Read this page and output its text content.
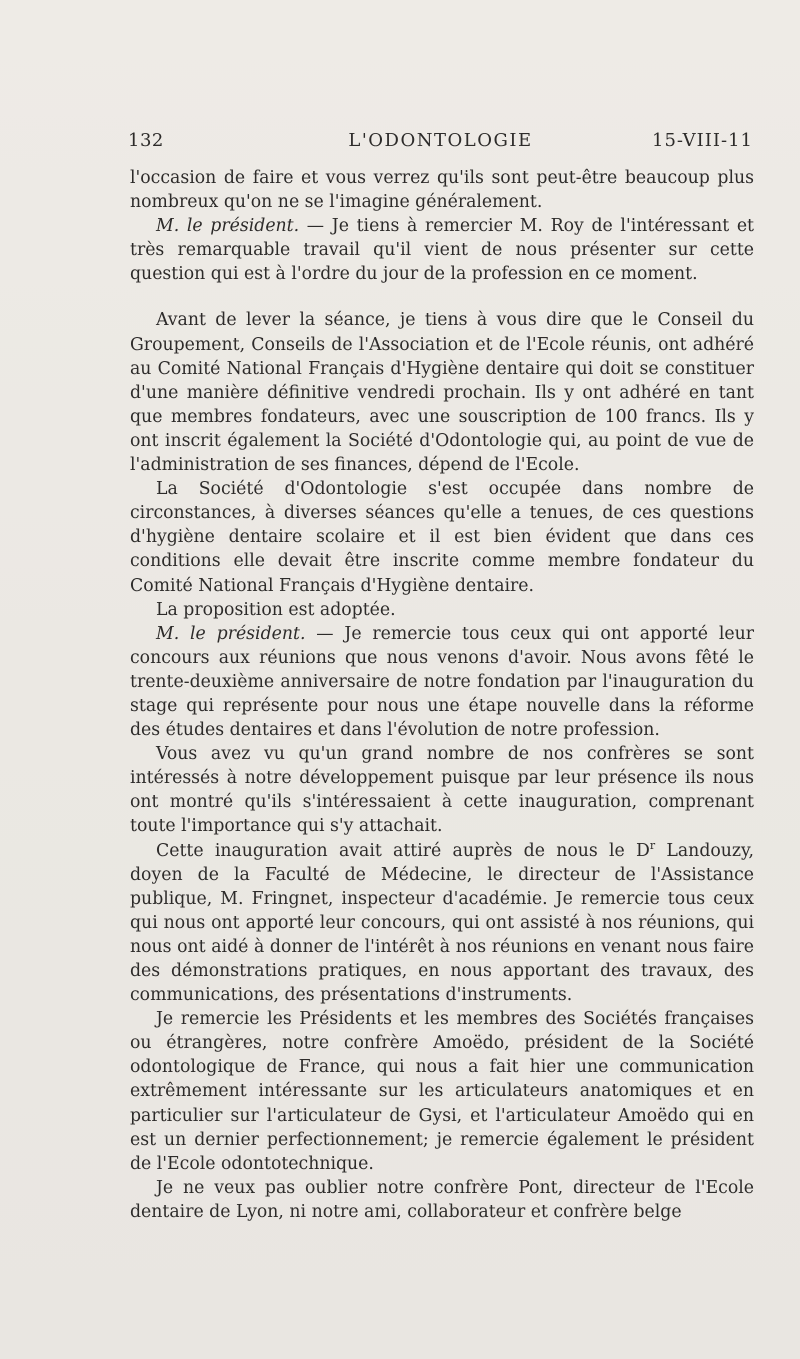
132	L'ODONTOLOGIE	15-VIII-11

l'occasion de faire et vous verrez qu'ils sont peut-être beaucoup plus nombreux qu'on ne se l'imagine généralement.

M. le président. — Je tiens à remercier M. Roy de l'intéressant et très remarquable travail qu'il vient de nous présenter sur cette question qui est à l'ordre du jour de la profession en ce moment.

Avant de lever la séance, je tiens à vous dire que le Conseil du Groupement, Conseils de l'Association et de l'Ecole réunis, ont adhéré au Comité National Français d'Hygiène dentaire qui doit se constituer d'une manière définitive vendredi prochain. Ils y ont adhéré en tant que membres fondateurs, avec une souscription de 100 francs. Ils y ont inscrit également la Société d'Odontologie qui, au point de vue de l'administration de ses finances, dépend de l'Ecole.

La Société d'Odontologie s'est occupée dans nombre de circonstances, à diverses séances qu'elle a tenues, de ces questions d'hygiène dentaire scolaire et il est bien évident que dans ces conditions elle devait être inscrite comme membre fondateur du Comité National Français d'Hygiène dentaire.

La proposition est adoptée.

M. le président. — Je remercie tous ceux qui ont apporté leur concours aux réunions que nous venons d'avoir. Nous avons fêté le trente-deuxième anniversaire de notre fondation par l'inauguration du stage qui représente pour nous une étape nouvelle dans la réforme des études dentaires et dans l'évolution de notre profession.

Vous avez vu qu'un grand nombre de nos confrères se sont intéressés à notre développement puisque par leur présence ils nous ont montré qu'ils s'intéressaient à cette inauguration, comprenant toute l'importance qui s'y attachait.

Cette inauguration avait attiré auprès de nous le $D^r$ Landouzy, doyen de la Faculté de Médecine, le directeur de l'Assistance publique, M. Fringnet, inspecteur d'académie. Je remercie tous ceux qui nous ont apporté leur concours, qui ont assisté à nos réunions, qui nous ont aidé à donner de l'intérêt à nos réunions en venant nous faire des démonstrations pratiques, en nous apportant des travaux, des communications, des présentations d'instruments.

Je remercie les Présidents et les membres des Sociétés françaises ou étrangères, notre confrère Amoëdo, président de la Société odontologique de France, qui nous a fait hier une communication extrêmement intéressante sur les articulateurs anatomiques et en particulier sur l'articulateur de Gysi, et l'articulateur Amoëdo qui en est un dernier perfectionnement; je remercie également le président de l'Ecole odontotechnique.

Je ne veux pas oublier notre confrère Pont, directeur de l'Ecole dentaire de Lyon, ni notre ami, collaborateur et confrère belge
